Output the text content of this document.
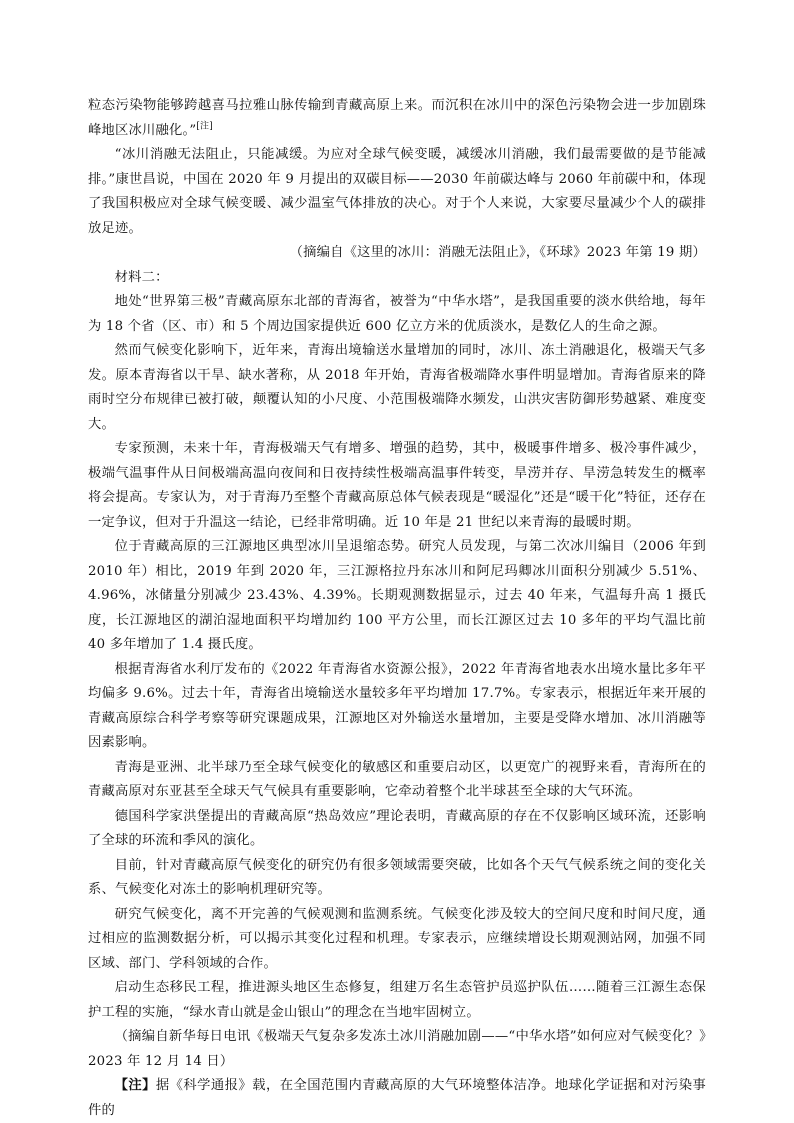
粒态污染物能够跨越喜马拉雅山脉传输到青藏高原上来。而沉积在冰川中的深色污染物会进一步加剧珠峰地区冰川融化。”[注]

“冰川消融无法阻止，只能减缓。为应对全球气候变暖，减缓冰川消融，我们最需要做的是节能减排。”康世昌说，中国在 2020 年 9 月提出的双碳目标——2030 年前碳达峰与 2060 年前碳中和，体现了我国积极应对全球气候变暖、减少温室气体排放的决心。对于个人来说，大家要尽量减少个人的碳排放足迹。

（摘编自《这里的冰川：消融无法阻止》，《环球》2023 年第 19 期）

材料二：

地处“世界第三极”青藏高原东北部的青海省，被誉为“中华水塔”，是我国重要的淡水供给地，每年为 18 个省（区、市）和 5 个周边国家提供近 600 亿立方米的优质淡水，是数亿人的生命之源。

然而气候变化影响下，近年来，青海出境输送水量增加的同时，冰川、冻土消融退化，极端天气多发。原本青海省以干旱、缺水著称，从 2018 年开始，青海省极端降水事件明显增加。青海省原来的降雨时空分布规律已被打破，颠覆认知的小尺度、小范围极端降水频发，山洪灾害防御形势越紧、难度变大。

专家预测，未来十年，青海极端天气有增多、增强的趋势，其中，极暖事件增多、极冷事件减少，极端气温事件从日间极端高温向夜间和日夜持续性极端高温事件转变，旱涝并存、旱涝急转发生的概率将会提高。专家认为，对于青海乃至整个青藏高原总体气候表现是“暖湿化”还是“暖干化”特征，还存在一定争议，但对于升温这一结论，已经非常明确。近 10 年是 21 世纪以来青海的最暖时期。

位于青藏高原的三江源地区典型冰川呈退缩态势。研究人员发现，与第二次冰川编目（2006 年到 2010 年）相比，2019 年到 2020 年，三江源格拉丹东冰川和阿尼玛卿冰川面积分别减少 5.51%、4.96%，冰储量分别减少 23.43%、4.39%。长期观测数据显示，过去 40 年来，气温每升高 1 摄氏度，长江源地区的湖泊湿地面积平均增加约 100 平方公里，而长江源区过去 10 多年的平均气温比前 40 多年增加了 1.4 摄氏度。

根据青海省水利厅发布的《2022 年青海省水资源公报》，2022 年青海省地表水出境水量比多年平均偏多 9.6%。过去十年，青海省出境输送水量较多年平均增加 17.7%。专家表示，根据近年来开展的青藏高原综合科学考察等研究课题成果，江源地区对外输送水量增加，主要是受降水增加、冰川消融等因素影响。

青海是亚洲、北半球乃至全球气候变化的敏感区和重要启动区，以更宽广的视野来看，青海所在的青藏高原对东亚甚至全球天气气候具有重要影响，它牵动着整个北半球甚至全球的大气环流。

德国科学家洪堡提出的青藏高原“热岛效应”理论表明，青藏高原的存在不仅影响区域环流，还影响了全球的环流和季风的演化。

目前，针对青藏高原气候变化的研究仍有很多领域需要突破，比如各个天气气候系统之间的变化关系、气候变化对冻土的影响机理研究等。

研究气候变化，离不开完善的气候观测和监测系统。气候变化涉及较大的空间尺度和时间尺度，通过相应的监测数据分析，可以揭示其变化过程和机理。专家表示，应继续增设长期观测站网，加强不同区域、部门、学科领域的合作。

启动生态移民工程，推进源头地区生态修复，组建万名生态管护员巡护队伍……随着三江源生态保护工程的实施，“绿水青山就是金山银山”的理念在当地牢固树立。

（摘编自新华每日电讯《极端天气复杂多发冻土冰川消融加剧——“中华水塔”如何应对气候变化？》2023 年 12 月 14 日）

【注】据《科学通报》载，在全国范围内青藏高原的大气环境整体洁净。地球化学证据和对污染事件的
